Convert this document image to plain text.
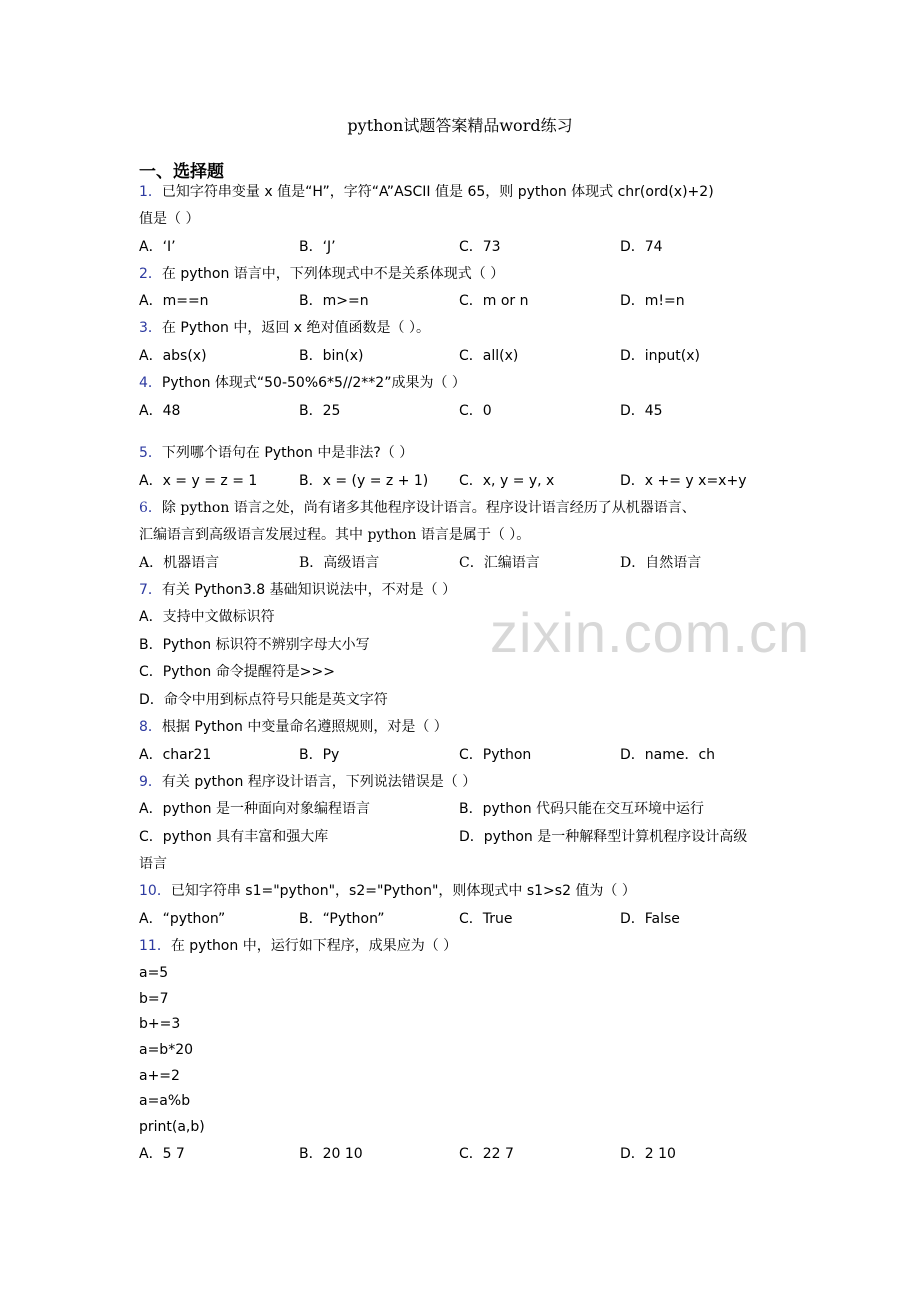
python试题答案精品word练习
一、选择题
zixin.com.cn
1．已知字符串变量 x 值是“H”，字符“A”ASCII 值是 65，则 python 体现式 chr(ord(x)+2)
值是（ ）
A．‘I’	B．‘J’	C．73	D．74
2．在 python 语言中，下列体现式中不是关系体现式（ ）
A．m==n	B．m>=n	C．m or n	D．m!=n
3．在 Python 中，返回 x 绝对值函数是（ ）。
A．abs(x)	B．bin(x)	C．all(x)	D．input(x)
4．Python 体现式“50-50%6*5//2**2”成果为（ ）
A．48	B．25	C．0	D．45
5．下列哪个语句在 Python 中是非法?（ ）
A．x = y = z = 1	B．x = (y = z + 1) C．x, y = y, x	D．x += y x=x+y
6．除 python 语言之处，尚有诸多其他程序设计语言。程序设计语言经历了从机器语言、
汇编语言到高级语言发展过程。其中 python 语言是属于（ ）。
A．机器语言	B．高级语言	C．汇编语言	D．自然语言
7．有关 Python3.8 基础知识说法中，不对是（ ）
A．支持中文做标识符
B．Python 标识符不辨别字母大小写
C．Python 命令提醒符是>>>
D．命令中用到标点符号只能是英文字符
8．根据 Python 中变量命名遵照规则，对是（ ）
A．char21	B．Py	C．Python	D．name．ch
9．有关 python 程序设计语言，下列说法错误是（ ）
A．python 是一种面向对象编程语言	B．python 代码只能在交互环境中运行
C．python 具有丰富和强大库	D．python 是一种解释型计算机程序设计高级
语言
10．已知字符串 s1="python"，s2="Python"，则体现式中 s1>s2 值为（ ）
A．“python”	B．“Python”	C．True	D．False
11．在 python 中，运行如下程序，成果应为（ ）
a=5
b=7
b+=3
a=b*20
a+=2
a=a%b
print(a,b)
A．5 7	B．20 10	C．22 7	D．2 10
